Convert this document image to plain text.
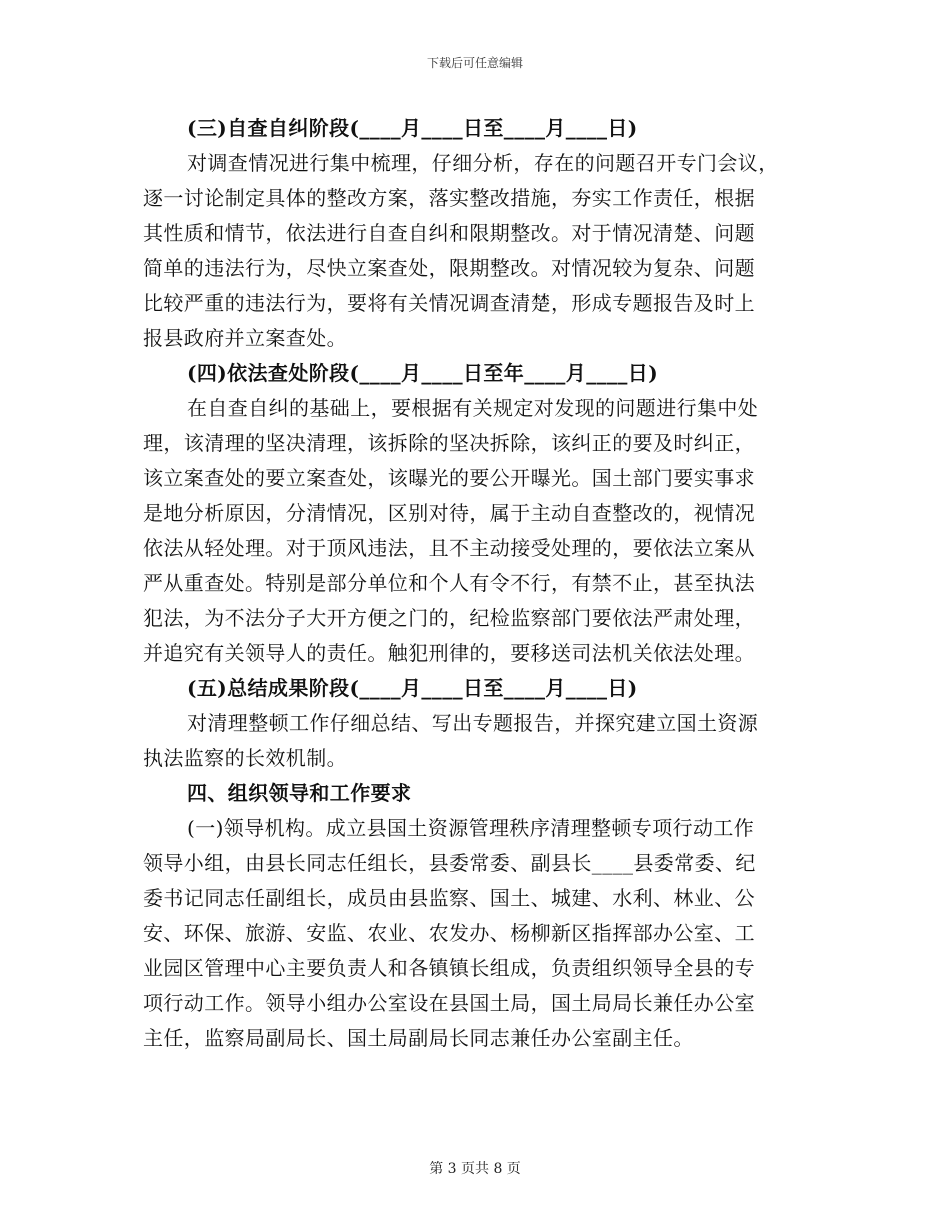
下载后可任意编辑
(三)自查自纠阶段(____月____日至____月____日)
对调查情况进行集中梳理，仔细分析，存在的问题召开专门会议，
逐一讨论制定具体的整改方案，落实整改措施，夯实工作责任，根据
其性质和情节，依法进行自查自纠和限期整改。对于情况清楚、问题
简单的违法行为，尽快立案查处，限期整改。对情况较为复杂、问题
比较严重的违法行为，要将有关情况调查清楚，形成专题报告及时上
报县政府并立案查处。
(四)依法查处阶段(____月____日至年____月____日)
在自查自纠的基础上，要根据有关规定对发现的问题进行集中处
理，该清理的坚决清理，该拆除的坚决拆除，该纠正的要及时纠正，
该立案查处的要立案查处，该曝光的要公开曝光。国土部门要实事求
是地分析原因，分清情况，区别对待，属于主动自查整改的，视情况
依法从轻处理。对于顶风违法，且不主动接受处理的，要依法立案从
严从重查处。特别是部分单位和个人有令不行，有禁不止，甚至执法
犯法，为不法分子大开方便之门的，纪检监察部门要依法严肃处理，
并追究有关领导人的责任。触犯刑律的，要移送司法机关依法处理。
(五)总结成果阶段(____月____日至____月____日)
对清理整顿工作仔细总结、写出专题报告，并探究建立国土资源
执法监察的长效机制。
四、组织领导和工作要求
(一)领导机构。成立县国土资源管理秩序清理整顿专项行动工作
领导小组，由县长同志任组长，县委常委、副县长____县委常委、纪
委书记同志任副组长，成员由县监察、国土、城建、水利、林业、公
安、环保、旅游、安监、农业、农发办、杨柳新区指挥部办公室、工
业园区管理中心主要负责人和各镇镇长组成，负责组织领导全县的专
项行动工作。领导小组办公室设在县国土局，国土局局长兼任办公室
主任，监察局副局长、国土局副局长同志兼任办公室副主任。
第 3 页共 8 页
